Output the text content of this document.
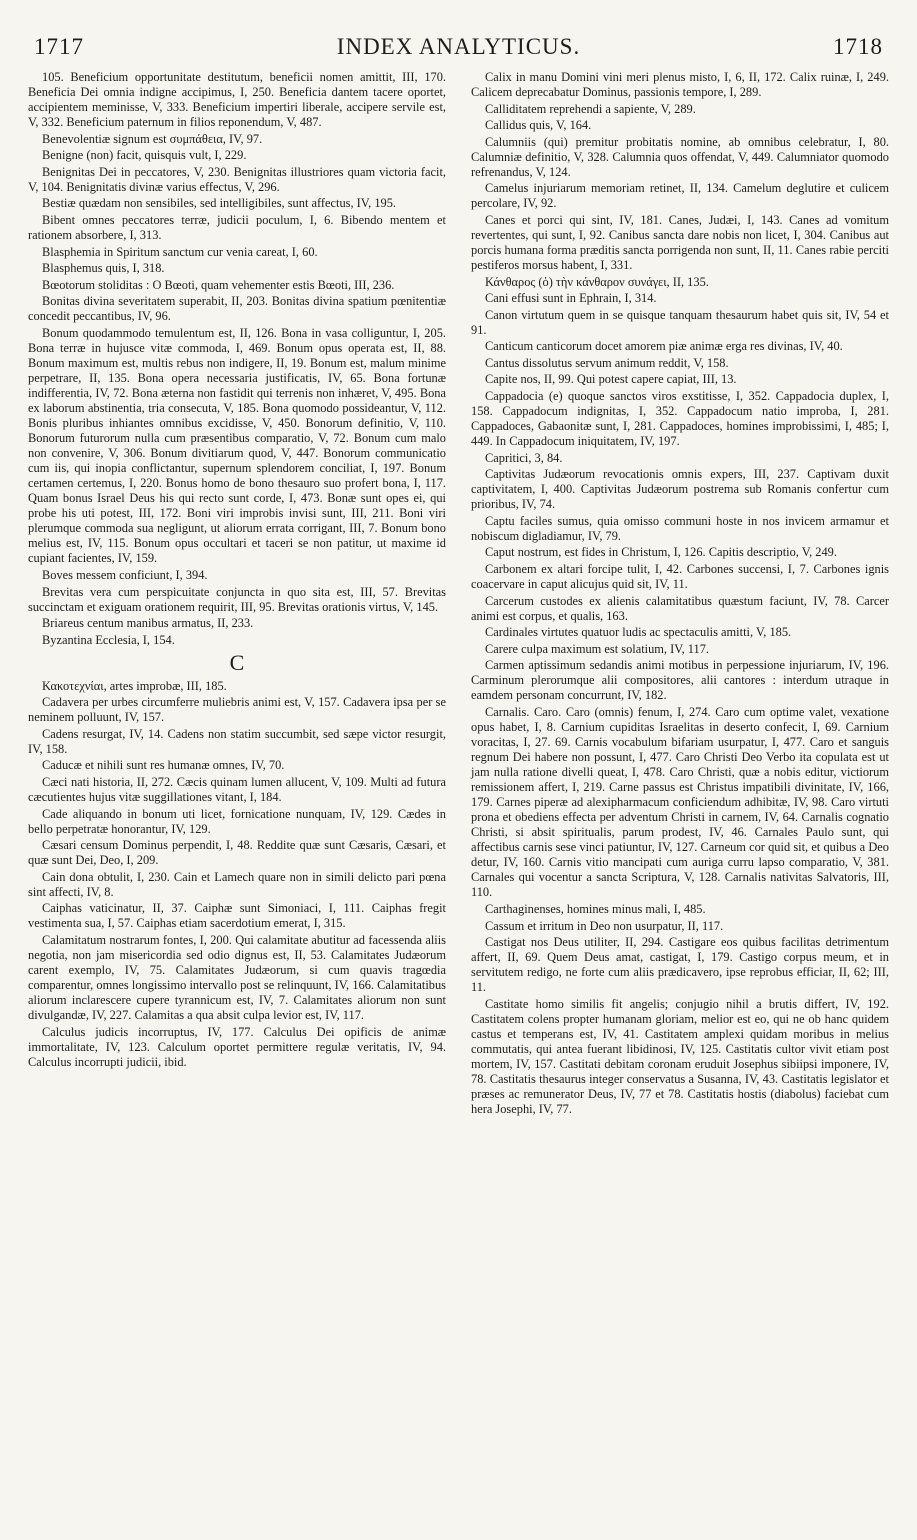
1717	INDEX ANALYTICUS.	1718

105. Beneficium opportunitate destitutum, beneficii nomen amittit, III, 170. Beneficia Dei omnia indigne accipimus, I, 250. Beneficia dantem tacere oportet, accipientem meminisse, V, 333. Beneficium impertiri liberale, accipere servile est, V, 332. Beneficium paternum in filios reponendum, V, 487.

Benevolentiæ signum est συμπάθεια, IV, 97.

Benigne (non) facit, quisquis vult, I, 229.

Benignitas Dei in peccatores, V, 230. Benignitas illustriores quam victoria facit, V, 104. Benignitatis divinæ varius effectus, V, 296.

Bestiæ quædam non sensibiles, sed intelligibiles, sunt affectus, IV, 195.

Bibent omnes peccatores terræ, judicii poculum, I, 6. Bibendo mentem et rationem absorbere, I, 313.

Blasphemia in Spiritum sanctum cur venia careat, I, 60.

Blasphemus quis, I, 318.

Bœotorum stoliditas : O Bœoti, quam vehementer estis Bœoti, III, 236.

Bonitas divina severitatem superabit, II, 203. Bonitas divina spatium pœnitentiæ concedit peccantibus, IV, 96.

Bonum quodammodo temulentum est, II, 126. Bona in vasa colliguntur, I, 205. Bona terræ in hujusce vitæ commoda, I, 469. Bonum opus operata est, II, 88. Bonum maximum est, multis rebus non indigere, II, 19. Bonum est, malum minime perpetrare, II, 135. Bona opera necessaria justificatis, IV, 65. Bona fortunæ indifferentia, IV, 72. Bona æterna non fastidit qui terrenis non inhæret, V, 495. Bona ex laborum abstinentia, tria consecuta, V, 185. Bona quomodo possideantur, V, 112. Bonis pluribus inhiantes omnibus excidisse, V, 450. Bonorum definitio, V, 110. Bonorum futurorum nulla cum præsentibus comparatio, V, 72. Bonum cum malo non convenire, V, 306. Bonum divitiarum quod, V, 447. Bonorum communicatio cum iis, qui inopia conflictantur, supernum splendorem conciliat, I, 197. Bonum certamen certemus, I, 220. Bonus homo de bono thesauro suo profert bona, I, 117. Quam bonus Israel Deus his qui recto sunt corde, I, 473. Bonæ sunt opes ei, qui probe his uti potest, III, 172. Boni viri improbis invisi sunt, III, 211. Boni viri plerumque commoda sua negligunt, ut aliorum errata corrigant, III, 7. Bonum bono melius est, IV, 115. Bonum opus occultari et taceri se non patitur, ut maxime id cupiant facientes, IV, 159.

Boves messem conficiunt, I, 394.

Brevitas vera cum perspicuitate conjuncta in quo sita est, III, 57. Brevitas succinctam et exiguam orationem requirit, III, 95. Brevitas orationis virtus, V, 145.

Briareus centum manibus armatus, II, 233.

Byzantina Ecclesia, I, 154.

C

Κακοτεχνίαι, artes improbæ, III, 185.

Cadavera per urbes circumferre muliebris animi est, V, 157. Cadavera ipsa per se neminem polluunt, IV, 157.

Cadens resurgat, IV, 14. Cadens non statim succumbit, sed sæpe victor resurgit, IV, 158.

Caducæ et nihili sunt res humanæ omnes, IV, 70.

Cæci nati historia, II, 272. Cæcis quinam lumen allucent, V, 109. Multi ad futura cæcutientes hujus vitæ suggillationes vitant, I, 184.

Cade aliquando in bonum uti licet, fornicatione nunquam, IV, 129. Cædes in bello perpetratæ honorantur, IV, 129.

Cæsari censum Dominus perpendit, I, 48. Reddite quæ sunt Cæsaris, Cæsari, et quæ sunt Dei, Deo, I, 209.

Cain dona obtulit, I, 230. Cain et Lamech quare non in simili delicto pari pœna sint affecti, IV, 8.

Caiphas vaticinatur, II, 37. Caiphæ sunt Simoniaci, I, 111. Caiphas fregit vestimenta sua, I, 57. Caiphas etiam sacerdotium emerat, I, 315.

Calamitatum nostrarum fontes, I, 200. Qui calamitate abutitur ad facessenda aliis negotia, non jam misericordia sed odio dignus est, II, 53. Calamitates Judæorum carent exemplo, IV, 75. Calamitates Judæorum, si cum quavis tragœdia comparentur, omnes longissimo intervallo post se relinquunt, IV, 166. Calamitatibus aliorum inclarescere cupere tyrannicum est, IV, 7. Calamitates aliorum non sunt divulgandæ, IV, 227. Calamitas a qua absit culpa levior est, IV, 117.

Calculus judicis incorruptus, IV, 177. Calculus Dei opificis de animæ immortalitate, IV, 123. Calculum oportet permittere regulæ veritatis, IV, 94. Calculus incorrupti judicii, ibid.

Calix in manu Domini vini meri plenus misto, I, 6, II, 172. Calix ruinæ, I, 249. Calicem deprecabatur Dominus, passionis tempore, I, 289.

Calliditatem reprehendi a sapiente, V, 289.

Callidus quis, V, 164.

Calumniis (qui) premitur probitatis nomine, ab omnibus celebratur, I, 80. Calumniæ definitio, V, 328. Calumnia quos offendat, V, 449. Calumniator quomodo refrenandus, V, 124.

Camelus injuriarum memoriam retinet, II, 134. Camelum deglutire et culicem percolare, IV, 92.

Canes et porci qui sint, IV, 181. Canes, Judæi, I, 143. Canes ad vomitum revertentes, qui sunt, I, 92. Canibus sancta dare nobis non licet, I, 304. Canibus aut porcis humana forma præditis sancta porrigenda non sunt, II, 11. Canes rabie perciti pestiferos morsus habent, I, 331.

Κάνθαρος (ὁ) τὴν κάνθαρον συνάγει, II, 135.

Cani effusi sunt in Ephrain, I, 314.

Canon virtutum quem in se quisque tanquam thesaurum habet quis sit, IV, 54 et 91.

Canticum canticorum docet amorem piæ animæ erga res divinas, IV, 40.

Cantus dissolutus servum animum reddit, V, 158.

Capite nos, II, 99. Qui potest capere capiat, III, 13.

Cappadocia (e) quoque sanctos viros exstitisse, I, 352. Cappadocia duplex, I, 158. Cappadocum indignitas, I, 352. Cappadocum natio improba, I, 281. Cappadoces, Gabaonitæ sunt, I, 281. Cappadoces, homines improbissimi, I, 485; I, 449. In Cappadocum iniquitatem, IV, 197.

Capritici, 3, 84.

Captivitas Judæorum revocationis omnis expers, III, 237. Captivam duxit captivitatem, I, 400. Captivitas Judæorum postrema sub Romanis confertur cum prioribus, IV, 74.

Captu faciles sumus, quia omisso communi hoste in nos invicem armamur et nobiscum digladiamur, IV, 79.

Caput nostrum, est fides in Christum, I, 126. Capitis descriptio, V, 249.

Carbonem ex altari forcipe tulit, I, 42. Carbones succensi, I, 7. Carbones ignis coacervare in caput alicujus quid sit, IV, 11.

Carcerum custodes ex alienis calamitatibus quæstum faciunt, IV, 78. Carcer animi est corpus, et qualis, 163.

Cardinales virtutes quatuor ludis ac spectaculis amitti, V, 185.

Carere culpa maximum est solatium, IV, 117.

Carmen aptissimum sedandis animi motibus in perpessione injuriarum, IV, 196. Carminum plerorumque alii compositores, alii cantores : interdum utraque in eamdem personam concurrunt, IV, 182.

Carnalis. Caro. Caro (omnis) fenum, I, 274. Caro cum optime valet, vexatione opus habet, I, 8. Carnium cupiditas Israelitas in deserto confecit, I, 69. Carnium voracitas, I, 27. 69. Carnis vocabulum bifariam usurpatur, I, 477. Caro et sanguis regnum Dei habere non possunt, I, 477. Caro Christi Deo Verbo ita copulata est ut jam nulla ratione divelli queat, I, 478. Caro Christi, quæ a nobis editur, victiorum remissionem affert, I, 219. Carne passus est Christus impatibili divinitate, IV, 166, 179. Carnes piperæ ad alexipharmacum conficiendum adhibitæ, IV, 98. Caro virtuti prona et obediens effecta per adventum Christi in carnem, IV, 64. Carnalis cognatio Christi, si absit spiritualis, parum prodest, IV, 46. Carnales Paulo sunt, qui affectibus carnis sese vinci patiuntur, IV, 127. Carneum cor quid sit, et quibus a Deo detur, IV, 160. Carnis vitio mancipati cum auriga curru lapso comparatio, V, 381. Carnales qui vocentur a sancta Scriptura, V, 128. Carnalis nativitas Salvatoris, III, 110.

Carthaginenses, homines minus mali, I, 485.

Cassum et irritum in Deo non usurpatur, II, 117.

Castigat nos Deus utiliter, II, 294. Castigare eos quibus facilitas detrimentum affert, II, 69. Quem Deus amat, castigat, I, 179. Castigo corpus meum, et in servitutem redigo, ne forte cum aliis prædicavero, ipse reprobus efficiar, II, 62; III, 11.

Castitate homo similis fit angelis; conjugio nihil a brutis differt, IV, 192. Castitatem colens propter humanam gloriam, melior est eo, qui ne ob hanc quidem castus et temperans est, IV, 41. Castitatem amplexi quidam moribus in melius commutatis, qui antea fuerant libidinosi, IV, 125. Castitatis cultor vivit etiam post mortem, IV, 157. Castitati debitam coronam eruduit Josephus sibiipsi imponere, IV, 78. Castitatis thesaurus integer conservatus a Susanna, IV, 43. Castitatis legislator et præses ac remunerator Deus, IV, 77 et 78. Castitatis hostis (diabolus) faciebat cum hera Josephi, IV, 77.
